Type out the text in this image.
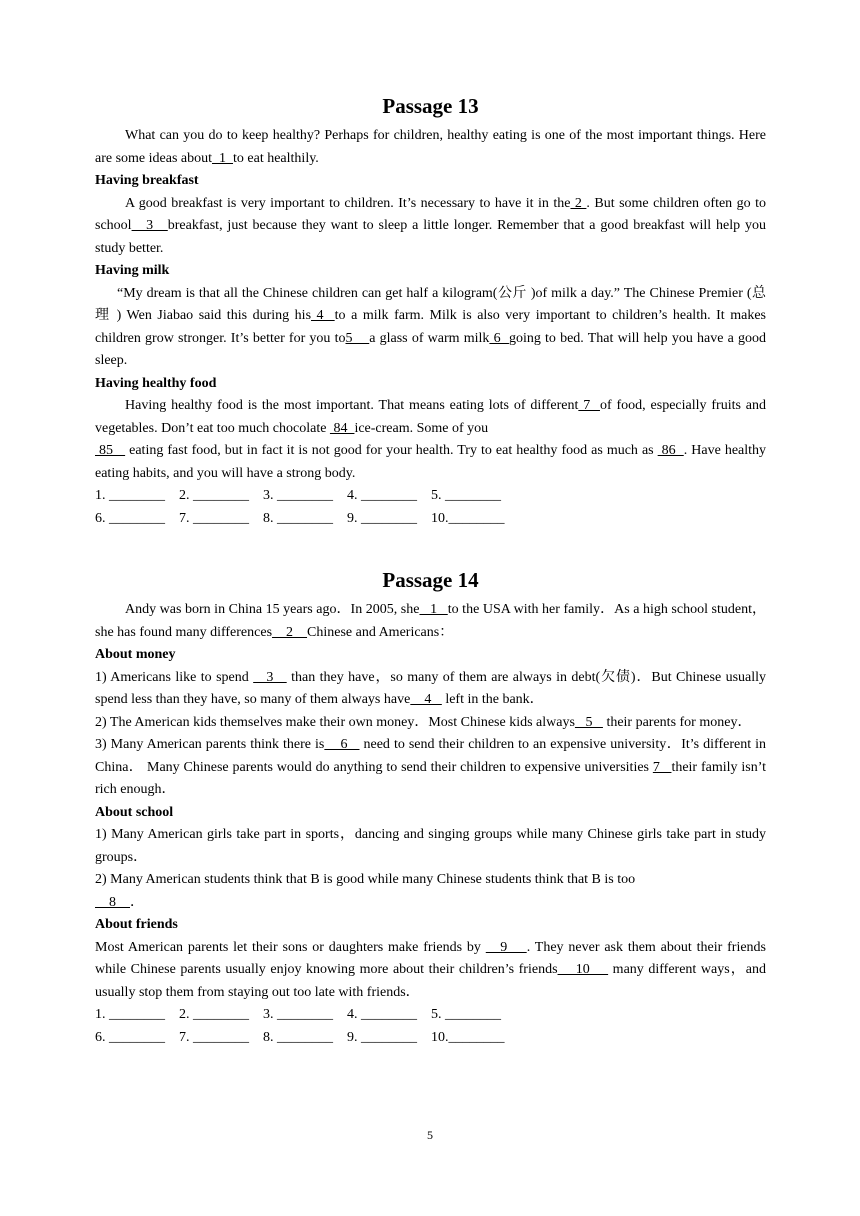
Passage 13

What can you do to keep healthy? Perhaps for children, healthy eating is one of the most important things. Here are some ideas about  1  to eat healthily.

Having breakfast

A good breakfast is very important to children. It’s necessary to have it in the 2 . But some children often go to school   3   breakfast, just because they want to sleep a little longer. Remember that a good breakfast will help you study better.

Having milk

“My dream is that all the Chinese children can get half a kilogram(公斤 )of milk a day.” The Chinese Premier (总理 ) Wen Jiabao said this during his 4  to a milk farm. Milk is also very important to children’s health. It makes children grow stronger. It’s better for you to5    a glass of warm milk 6  going to bed. That will help you have a good sleep.

Having healthy food

Having healthy food is the most important. That means eating lots of different 7  of food, especially fruits and vegetables. Don’t eat too much chocolate  84  ice-cream. Some of you

85    eating fast food, but in fact it is not good for your health. Try to eat healthy food as much as  86  . Have healthy eating habits, and you will have a strong body.

1. ________    2. ________    3. ________    4. ________    5. ________
6. ________    7. ________    8. ________    9. ________    10.________
Passage 14

Andy was born in China 15 years ago．In 2005, she   1   to the USA with her family．As a high school student，she has found many differences    2    Chinese and Americans：

About money

1) Americans like to spend    3    than they have，so many of them are always in debt(欠债)．But Chinese usually spend less than they have, so many of them always have    4    left in the bank．

2) The American kids themselves make their own money．Most Chinese kids always   5    their parents for money．

3) Many American parents think there is    6    need to send their children to an expensive university．It’s different in China． Many Chinese parents would do anything to send their children to expensive universities 7   their family isn’t rich enough．

About school

1) Many American girls take part in sports，dancing and singing groups while many Chinese girls take part in study groups．

2) Many American students think that B is good while many Chinese students think that B is too

8    ．

About friends

Most American parents let their sons or daughters make friends by    9    . They never ask them about their friends while Chinese parents usually enjoy knowing more about their children’s friends    10     many different ways，and usually stop them from staying out too late with friends．

1. ________    2. ________    3. ________    4. ________    5. ________
6. ________    7. ________    8. ________    9. ________    10.________
5
